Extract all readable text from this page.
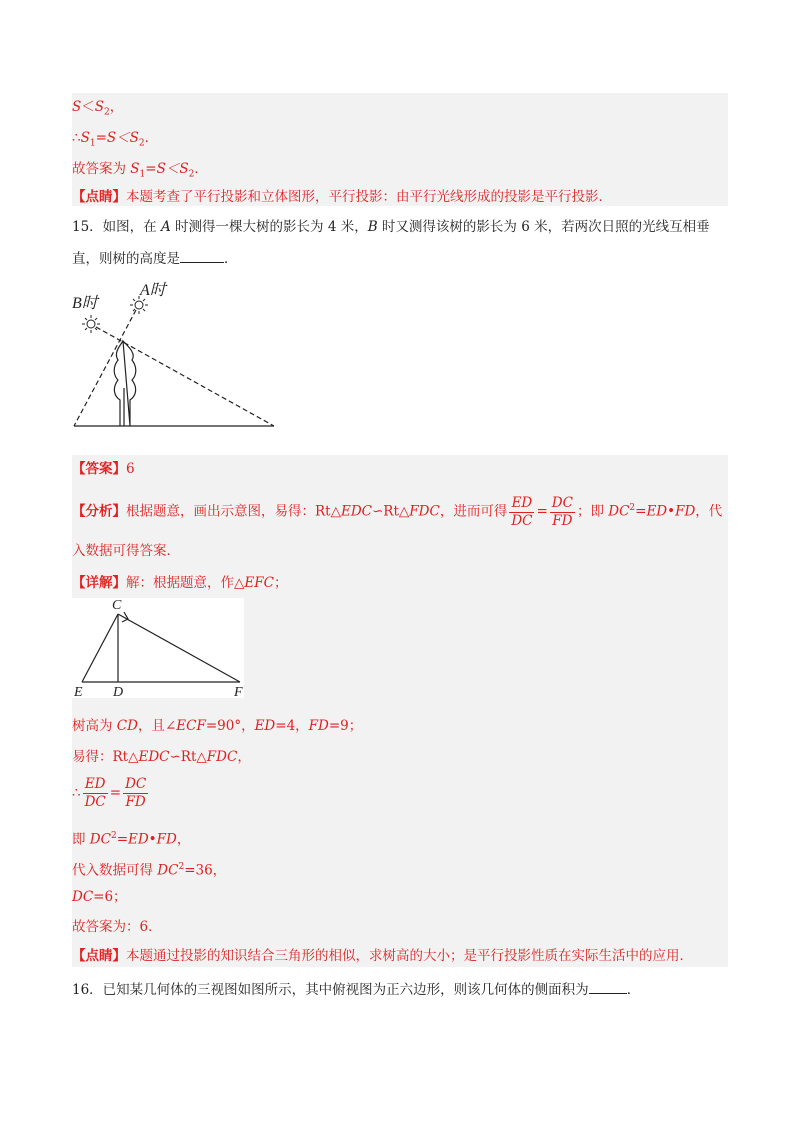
$S<S_2$，
$\therefore S_1=S<S_2$．
故答案为 $S_1=S<S_2$．
【点睛】本题考查了平行投影和立体图形，平行投影：由平行光线形成的投影是平行投影．
15．如图，在 A 时测得一棵大树的影长为 4 米，B 时又测得该树的影长为 6 米，若两次日照的光线互相垂
直，则树的高度是	．
B时
A时
【答案】6
【分析】根据题意，画出示意图，易得：Rt△EDC∽Rt△FDC，进而可得 $\frac{ED}{DC} = \frac{DC}{FD}$ ；即 $DC^2=ED•FD$，代
入数据可得答案．
【详解】解：根据题意，作△EFC；
C
E D	F
树高为 CD，且∠ECF=90°，ED=4，FD=9；
易得：Rt△EDC∽Rt△FDC，
∴ $\frac{ED}{DC} = \frac{DC}{FD}$
即 $DC^2=ED•FD$，
代入数据可得 $DC^2=36$，
DC=6；
故答案为：6．
【点睛】本题通过投影的知识结合三角形的相似，求树高的大小；是平行投影性质在实际生活中的应用．
16．已知某几何体的三视图如图所示，其中俯视图为正六边形，则该几何体的侧面积为	．
